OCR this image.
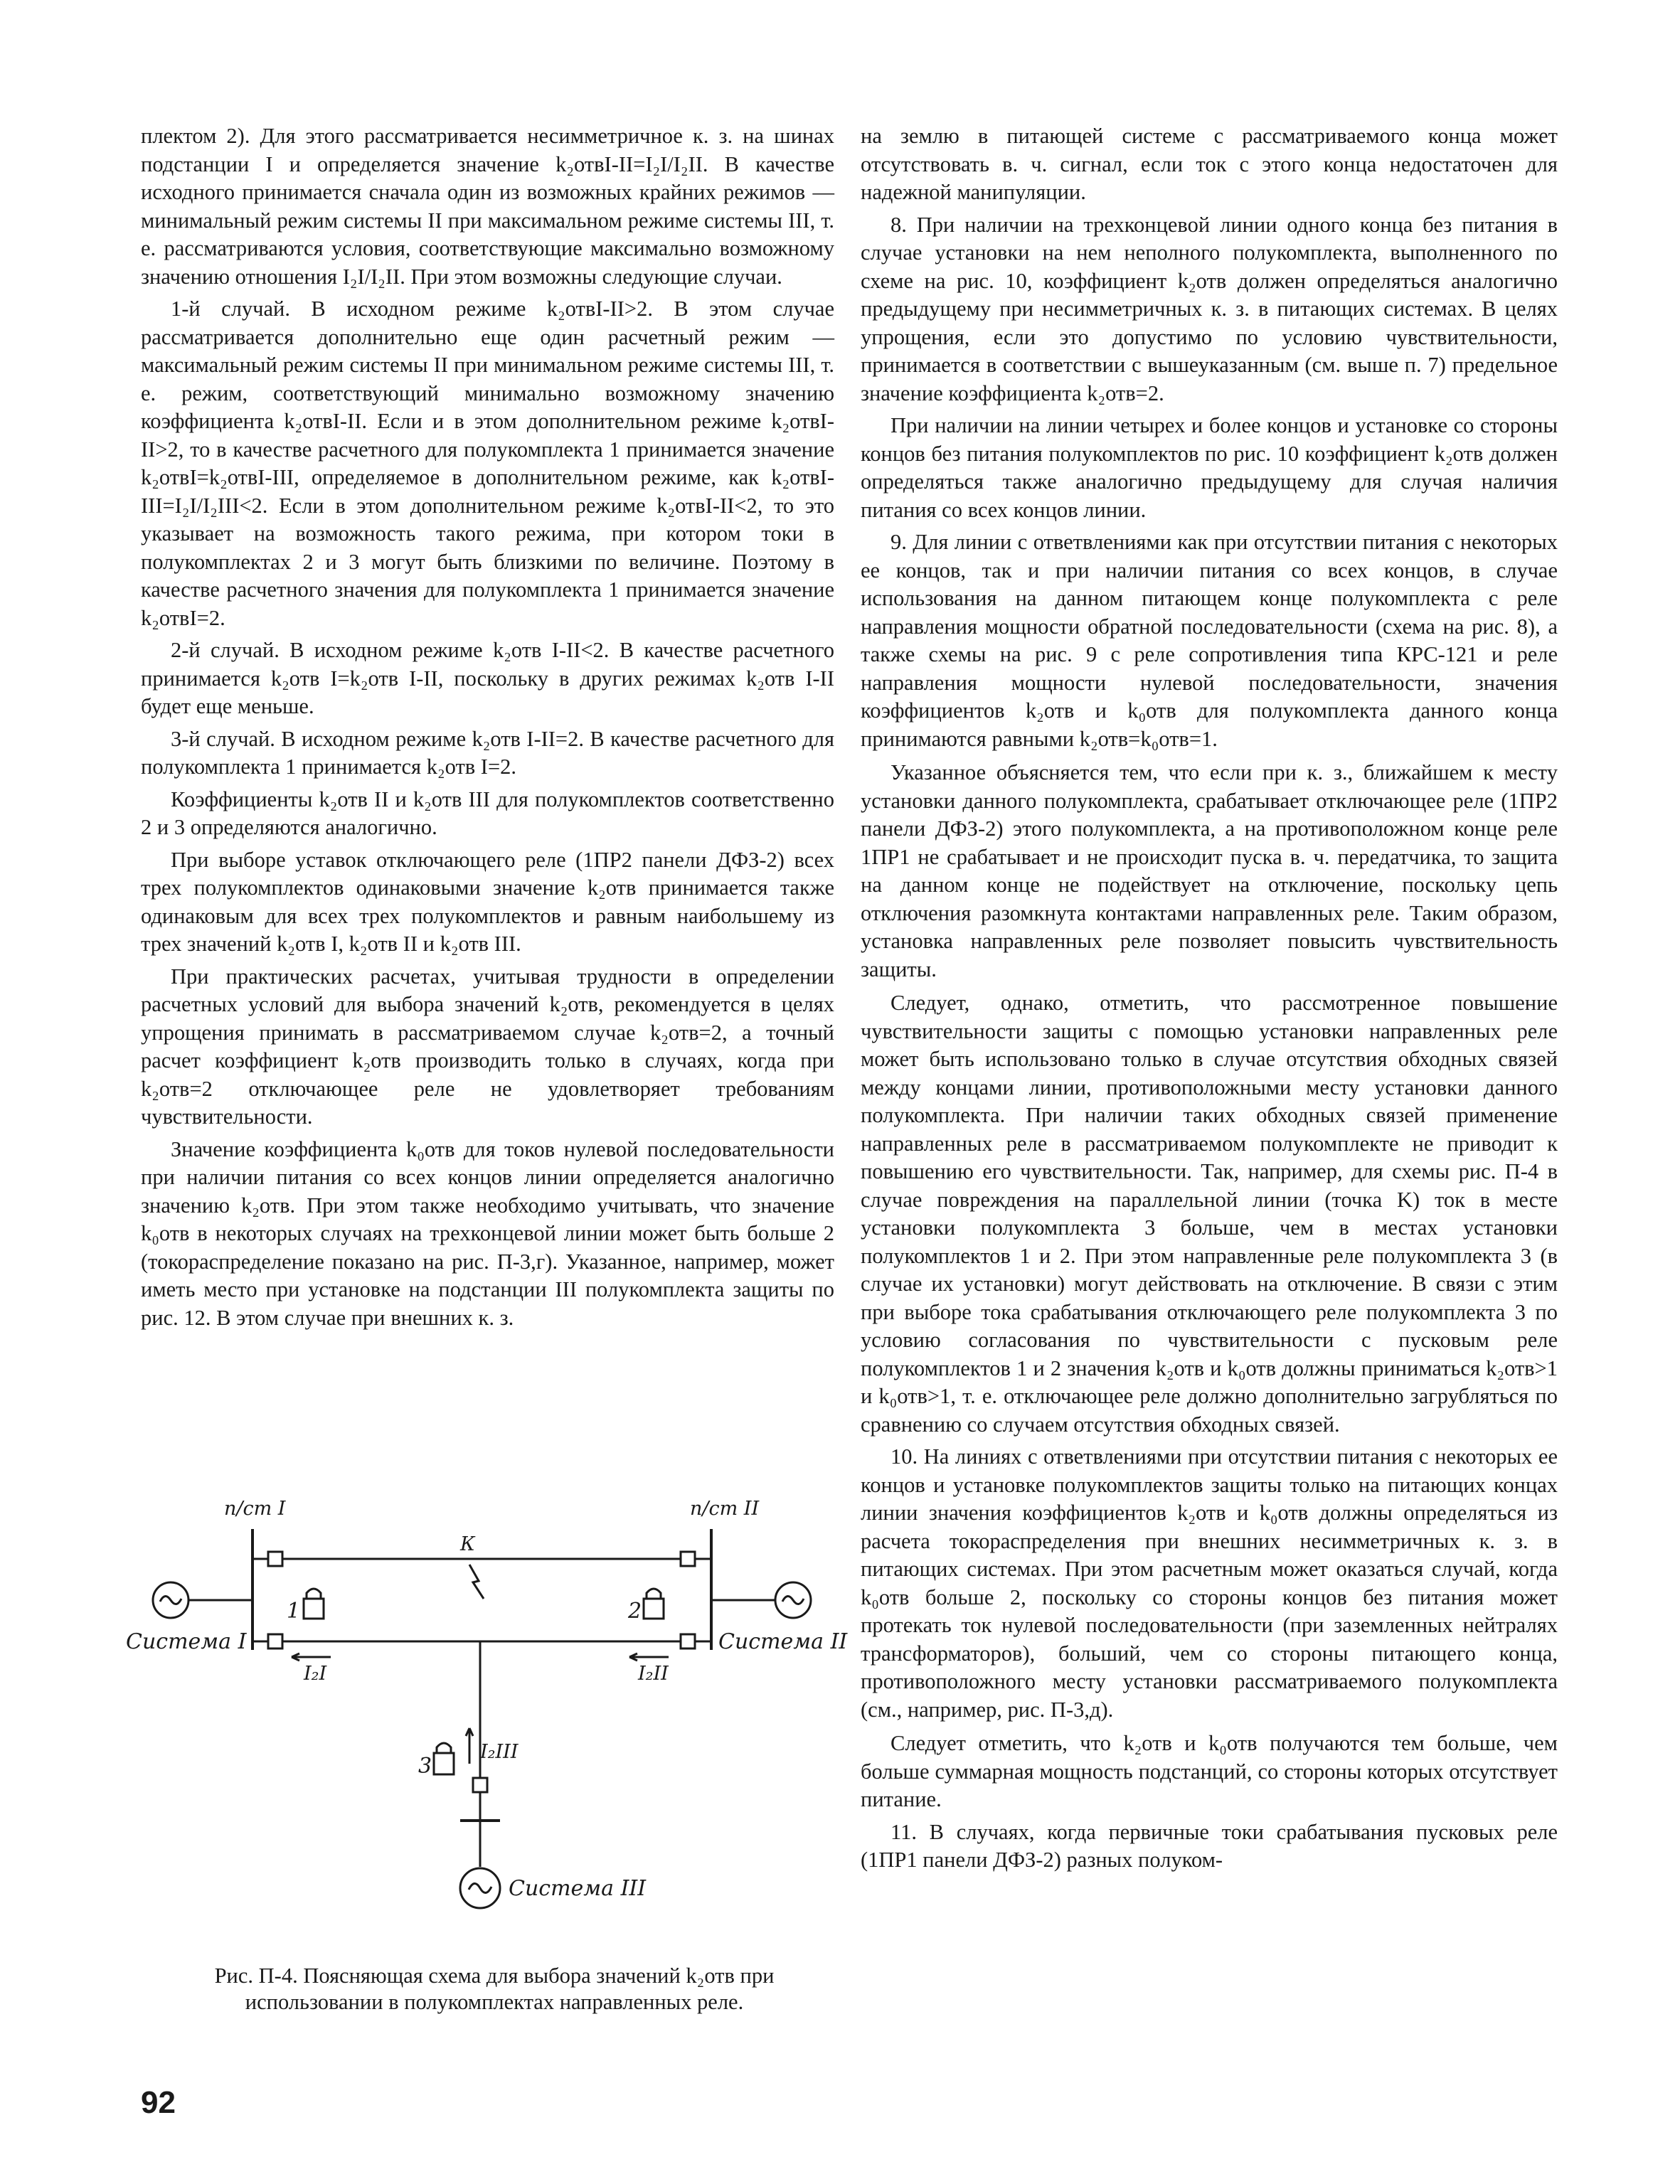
плектом 2). Для этого рассматривается несимметричное к. з. на шинах подстанции I и определяется значение k₂отвI-II=I₂I/I₂II. В качестве исходного принимается сначала один из возможных крайних режимов — минимальный режим системы II при максимальном режиме системы III, т. е. рассматриваются условия, соответствующие максимально возможному значению отношения I₂I/I₂II. При этом возможны следующие случаи.

1-й случай. В исходном режиме k₂отвI-II>2. В этом случае рассматривается дополнительно еще один расчетный режим — максимальный режим системы II при минимальном режиме системы III, т. е. режим, соответствующий минимально возможному значению коэффициента k₂отвI-II. Если и в этом дополнительном режиме k₂отвI-II>2, то в качестве расчетного для полукомплекта 1 принимается значение k₂отвI=k₂отвI-III, определяемое в дополнительном режиме, как k₂отвI-III=I₂I/I₂III<2. Если в этом дополнительном режиме k₂отвI-II<2, то это указывает на возможность такого режима, при котором токи в полукомплектах 2 и 3 могут быть близкими по величине. Поэтому в качестве расчетного значения для полукомплекта 1 принимается значение k₂отвI=2.

2-й случай. В исходном режиме k₂отв I-II<2. В качестве расчетного принимается k₂отв I=k₂отв I-II, поскольку в других режимах k₂отв I-II будет еще меньше.

3-й случай. В исходном режиме k₂отв I-II=2. В качестве расчетного для полукомплекта 1 принимается k₂отв I=2.

Коэффициенты k₂отв II и k₂отв III для полукомплектов соответственно 2 и 3 определяются аналогично.

При выборе уставок отключающего реле (1ПР2 панели ДФЗ-2) всех трех полукомплектов одинаковыми значение k₂отв принимается также одинаковым для всех трех полукомплектов и равным наибольшему из трех значений k₂отв I, k₂отв II и k₂отв III.

При практических расчетах, учитывая трудности в определении расчетных условий для выбора значений k₂отв, рекомендуется в целях упрощения принимать в рассматриваемом случае k₂отв=2, а точный расчет коэффициент k₂отв производить только в случаях, когда при k₂отв=2 отключающее реле не удовлетворяет требованиям чувствительности.

Значение коэффициента k₀отв для токов нулевой последовательности при наличии питания со всех концов линии определяется аналогично значению k₂отв. При этом также необходимо учитывать, что значение k₀отв в некоторых случаях на трехконцевой линии может быть больше 2 (токораспределение показано на рис. П-3,г). Указанное, например, может иметь место при установке на подстанции III полукомплекта защиты по рис. 12. В этом случае при внешних к. з.

п/ст I	п/ст II
К
Система I	Система II
Система III
1	2
3
I₂I	I₂II
I₂III
Рис. П-4. Поясняющая схема для выбора значений k₂отв при использовании в полукомплектах направленных реле.
92

на землю в питающей системе с рассматриваемого конца может отсутствовать в. ч. сигнал, если ток с этого конца недостаточен для надежной манипуляции.

8. При наличии на трехконцевой линии одного конца без питания в случае установки на нем неполного полукомплекта, выполненного по схеме на рис. 10, коэффициент k₂отв должен определяться аналогично предыдущему при несимметричных к. з. в питающих системах. В целях упрощения, если это допустимо по условию чувствительности, принимается в соответствии с вышеуказанным (см. выше п. 7) предельное значение коэффициента k₂отв=2.

При наличии на линии четырех и более концов и установке со стороны концов без питания полукомплектов по рис. 10 коэффициент k₂отв должен определяться также аналогично предыдущему для случая наличия питания со всех концов линии.

9. Для линии с ответвлениями как при отсутствии питания с некоторых ее концов, так и при наличии питания со всех концов, в случае использования на данном питающем конце полукомплекта с реле направления мощности обратной последовательности (схема на рис. 8), а также схемы на рис. 9 с реле сопротивления типа КРС-121 и реле направления мощности нулевой последовательности, значения коэффициентов k₂отв и k₀отв для полукомплекта данного конца принимаются равными k₂отв=k₀отв=1.

Указанное объясняется тем, что если при к. з., ближайшем к месту установки данного полукомплекта, срабатывает отключающее реле (1ПР2 панели ДФЗ-2) этого полукомплекта, а на противоположном конце реле 1ПР1 не срабатывает и не происходит пуска в. ч. передатчика, то защита на данном конце не подействует на отключение, поскольку цепь отключения разомкнута контактами направленных реле. Таким образом, установка направленных реле позволяет повысить чувствительность защиты.

Следует, однако, отметить, что рассмотренное повышение чувствительности защиты с помощью установки направленных реле может быть использовано только в случае отсутствия обходных связей между концами линии, противоположными месту установки данного полукомплекта. При наличии таких обходных связей применение направленных реле в рассматриваемом полукомплекте не приводит к повышению его чувствительности. Так, например, для схемы рис. П-4 в случае повреждения на параллельной линии (точка K) ток в месте установки полукомплекта 3 больше, чем в местах установки полукомплектов 1 и 2. При этом направленные реле полукомплекта 3 (в случае их установки) могут действовать на отключение. В связи с этим при выборе тока срабатывания отключающего реле полукомплекта 3 по условию согласования по чувствительности с пусковым реле полукомплектов 1 и 2 значения k₂отв и k₀отв должны приниматься k₂отв>1 и k₀отв>1, т. е. отключающее реле должно дополнительно загрубляться по сравнению со случаем отсутствия обходных связей.

10. На линиях с ответвлениями при отсутствии питания с некоторых ее концов и установке полукомплектов защиты только на питающих концах линии значения коэффициентов k₂отв и k₀отв должны определяться из расчета токораспределения при внешних несимметричных к. з. в питающих системах. При этом расчетным может оказаться случай, когда k₀отв больше 2, поскольку со стороны концов без питания может протекать ток нулевой последовательности (при заземленных нейтралях трансформаторов), больший, чем со стороны питающего конца, противоположного месту установки рассматриваемого полукомплекта (см., например, рис. П-3,д).

Следует отметить, что k₂отв и k₀отв получаются тем больше, чем больше суммарная мощность подстанций, со стороны которых отсутствует питание.

11. В случаях, когда первичные токи срабатывания пусковых реле (1ПР1 панели ДФЗ-2) разных полуком-
